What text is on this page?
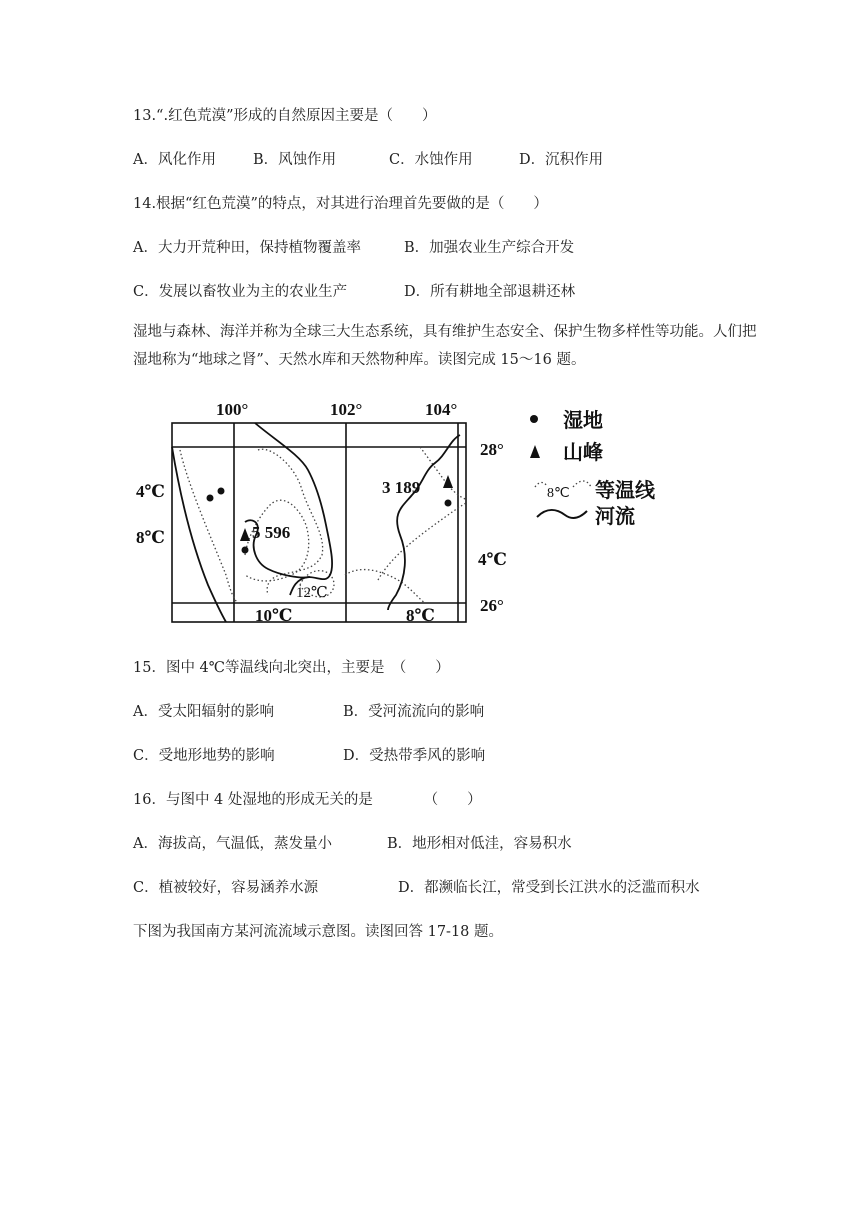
13.“.红色荒漠”形成的自然原因主要是（　　）
A．风化作用	B．风蚀作用	C．水蚀作用	D．沉积作用
14.根据“红色荒漠”的特点，对其进行治理首先要做的是（　　）
A．大力开荒种田，保持植物覆盖率	B．加强农业生产综合开发
C．发展以畜牧业为主的农业生产	D．所有耕地全部退耕还林
湿地与森林、海洋并称为全球三大生态系统，具有维护生态安全、保护生物多样性等功能。人们把湿地称为“地球之肾”、天然水库和天然物种库。读图完成 15～16 题。
100°	102°	104°
28°
26°
4℃
8℃
4℃
10℃	8℃
5 596
3 189
12℃
湿地
山峰
8℃ 等温线
河流
15．图中 4℃等温线向北突出，主要是　（　　）
A．受太阳辐射的影响	B．受河流流向的影响
C．受地形地势的影响	D．受热带季风的影响
16．与图中 4 处湿地的形成无关的是　　　　（　　）
A．海拔高，气温低，蒸发量小	B．地形相对低洼，容易积水
C．植被较好，容易涵养水源	D．都濒临长江，常受到长江洪水的泛滥而积水
下图为我国南方某河流流域示意图。读图回答 17-18 题。
